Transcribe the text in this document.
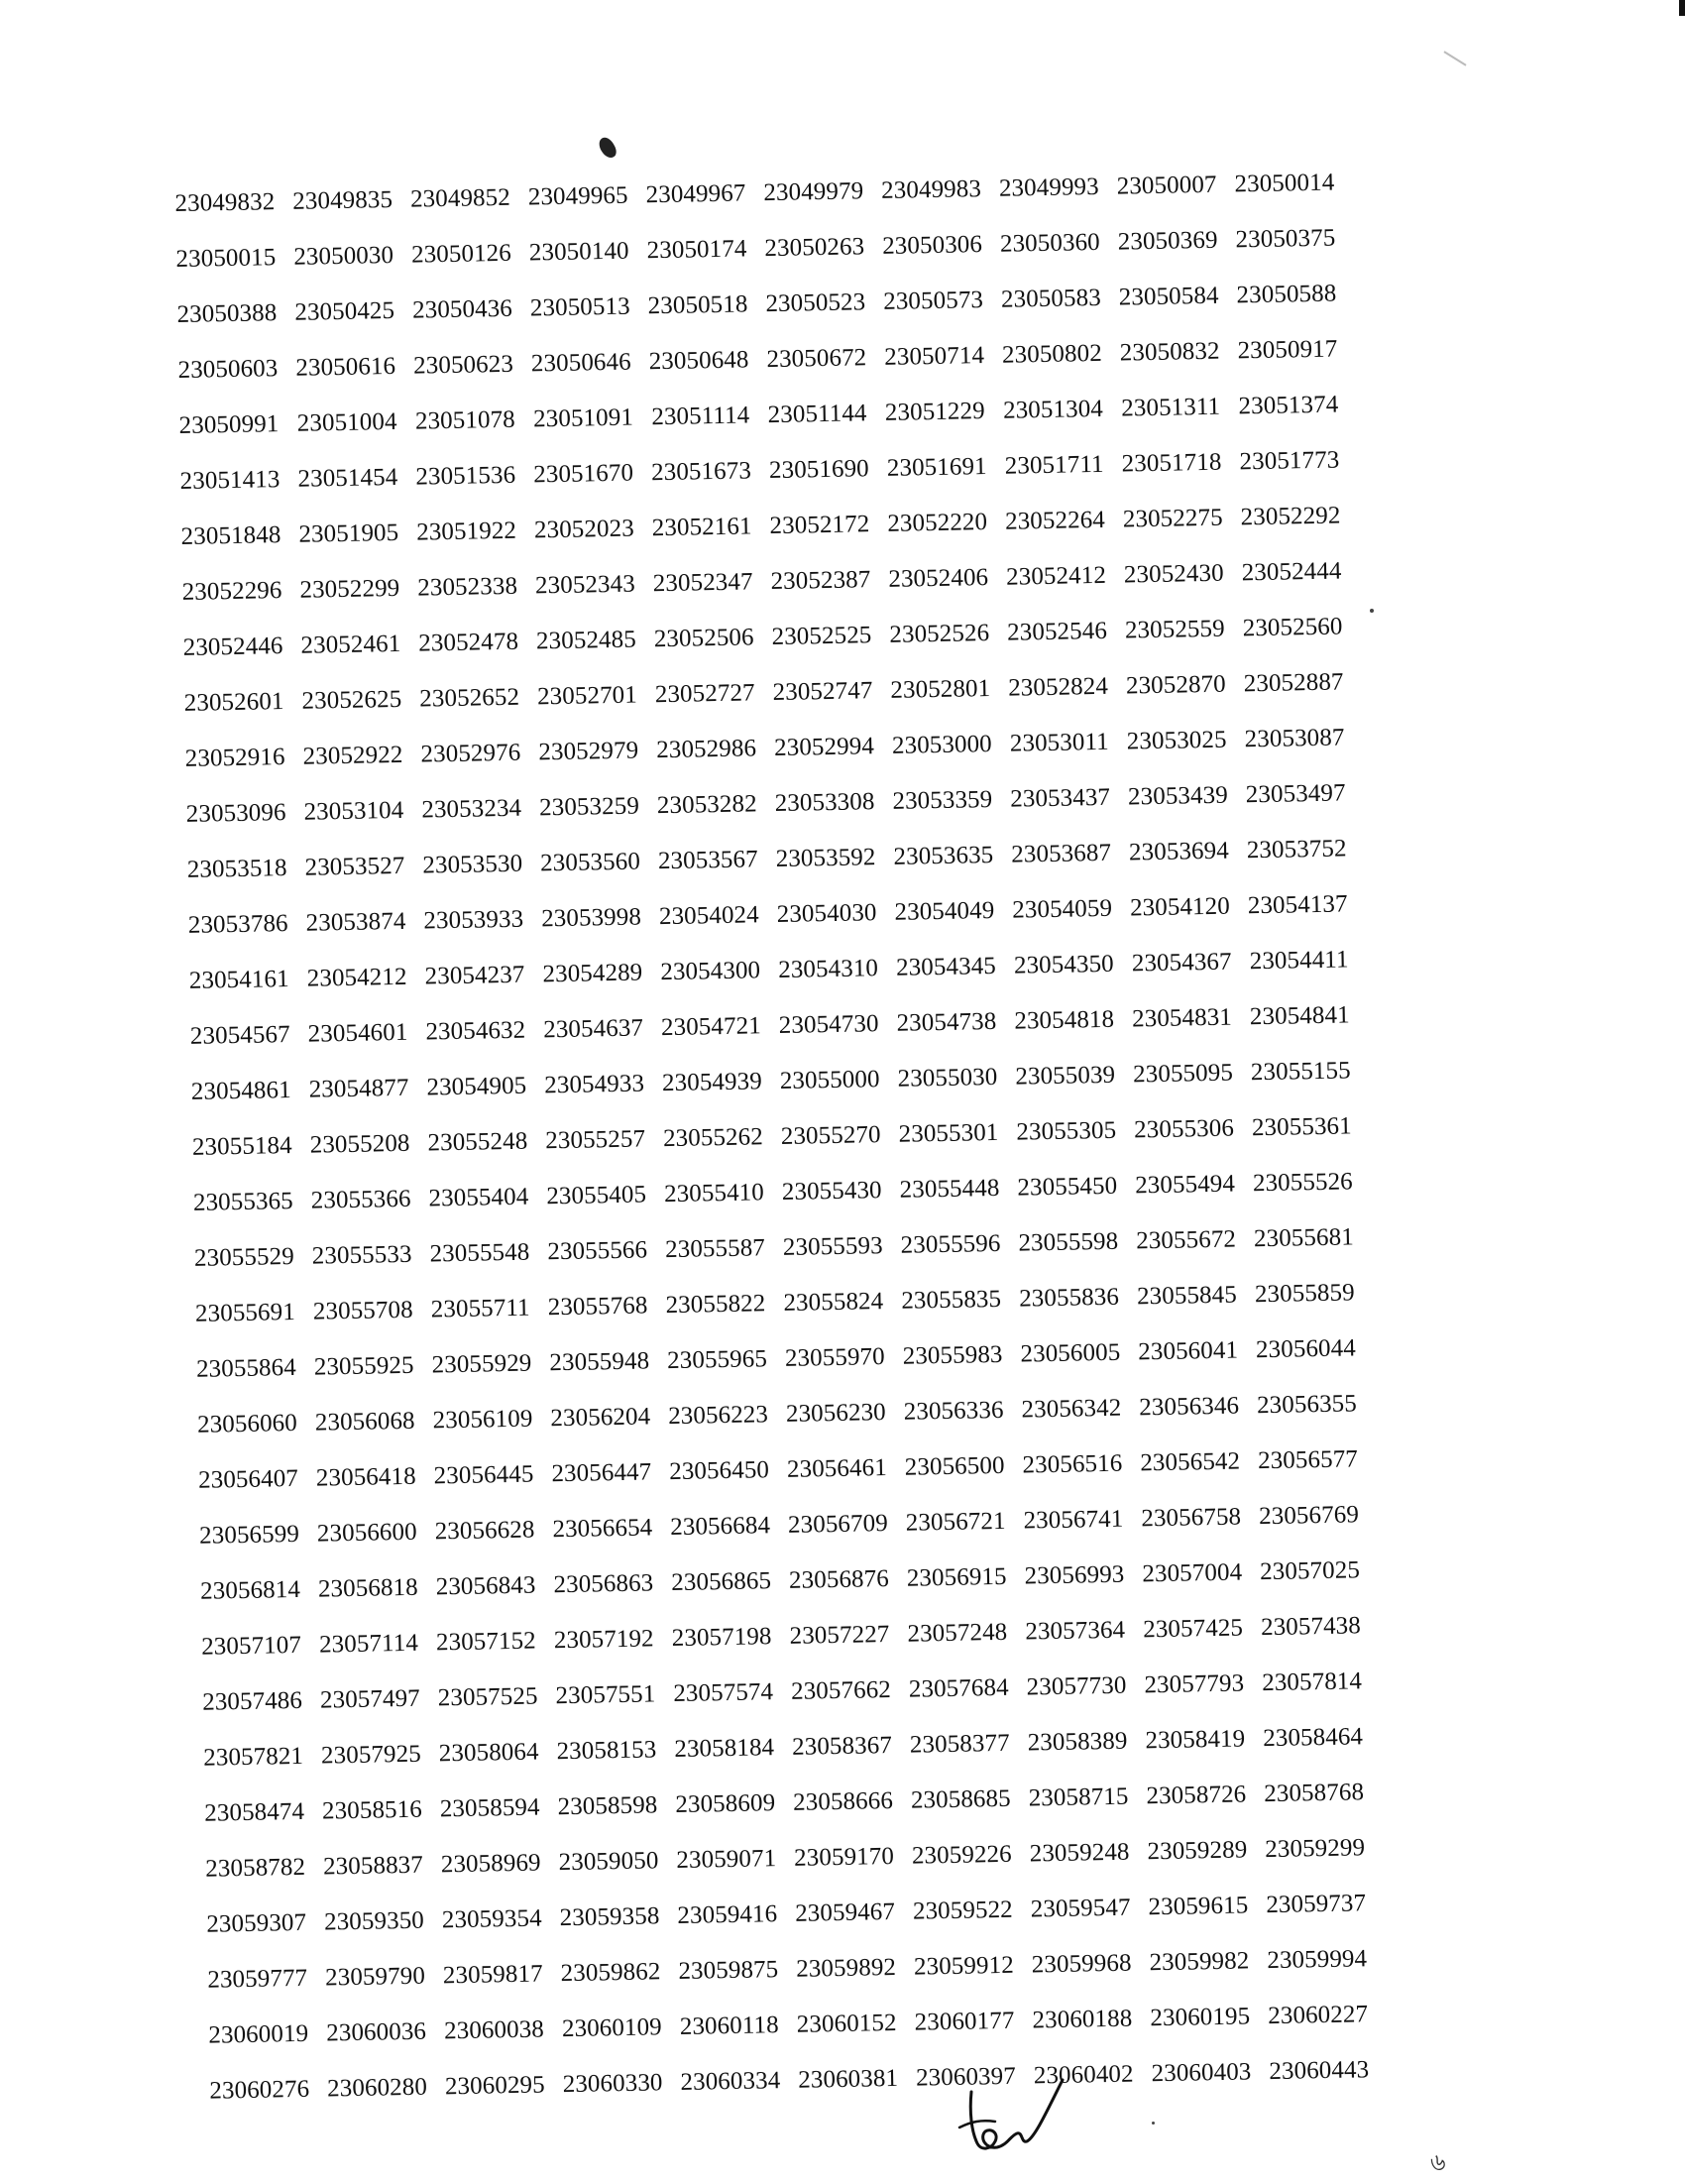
23049832 23049835 23049852 23049965 23049967 23049979 23049983 23049993 23050007 23050014
23050015 23050030 23050126 23050140 23050174 23050263 23050306 23050360 23050369 23050375
23050388 23050425 23050436 23050513 23050518 23050523 23050573 23050583 23050584 23050588
23050603 23050616 23050623 23050646 23050648 23050672 23050714 23050802 23050832 23050917
23050991 23051004 23051078 23051091 23051114 23051144 23051229 23051304 23051311 23051374
23051413 23051454 23051536 23051670 23051673 23051690 23051691 23051711 23051718 23051773
23051848 23051905 23051922 23052023 23052161 23052172 23052220 23052264 23052275 23052292
23052296 23052299 23052338 23052343 23052347 23052387 23052406 23052412 23052430 23052444
23052446 23052461 23052478 23052485 23052506 23052525 23052526 23052546 23052559 23052560
23052601 23052625 23052652 23052701 23052727 23052747 23052801 23052824 23052870 23052887
23052916 23052922 23052976 23052979 23052986 23052994 23053000 23053011 23053025 23053087
23053096 23053104 23053234 23053259 23053282 23053308 23053359 23053437 23053439 23053497
23053518 23053527 23053530 23053560 23053567 23053592 23053635 23053687 23053694 23053752
23053786 23053874 23053933 23053998 23054024 23054030 23054049 23054059 23054120 23054137
23054161 23054212 23054237 23054289 23054300 23054310 23054345 23054350 23054367 23054411
23054567 23054601 23054632 23054637 23054721 23054730 23054738 23054818 23054831 23054841
23054861 23054877 23054905 23054933 23054939 23055000 23055030 23055039 23055095 23055155
23055184 23055208 23055248 23055257 23055262 23055270 23055301 23055305 23055306 23055361
23055365 23055366 23055404 23055405 23055410 23055430 23055448 23055450 23055494 23055526
23055529 23055533 23055548 23055566 23055587 23055593 23055596 23055598 23055672 23055681
23055691 23055708 23055711 23055768 23055822 23055824 23055835 23055836 23055845 23055859
23055864 23055925 23055929 23055948 23055965 23055970 23055983 23056005 23056041 23056044
23056060 23056068 23056109 23056204 23056223 23056230 23056336 23056342 23056346 23056355
23056407 23056418 23056445 23056447 23056450 23056461 23056500 23056516 23056542 23056577
23056599 23056600 23056628 23056654 23056684 23056709 23056721 23056741 23056758 23056769
23056814 23056818 23056843 23056863 23056865 23056876 23056915 23056993 23057004 23057025
23057107 23057114 23057152 23057192 23057198 23057227 23057248 23057364 23057425 23057438
23057486 23057497 23057525 23057551 23057574 23057662 23057684 23057730 23057793 23057814
23057821 23057925 23058064 23058153 23058184 23058367 23058377 23058389 23058419 23058464
23058474 23058516 23058594 23058598 23058609 23058666 23058685 23058715 23058726 23058768
23058782 23058837 23058969 23059050 23059071 23059170 23059226 23059248 23059289 23059299
23059307 23059350 23059354 23059358 23059416 23059467 23059522 23059547 23059615 23059737
23059777 23059790 23059817 23059862 23059875 23059892 23059912 23059968 23059982 23059994
23060019 23060036 23060038 23060109 23060118 23060152 23060177 23060188 23060195 23060227
23060276 23060280 23060295 23060330 23060334 23060381 23060397 23060402 23060403 23060443
৬
